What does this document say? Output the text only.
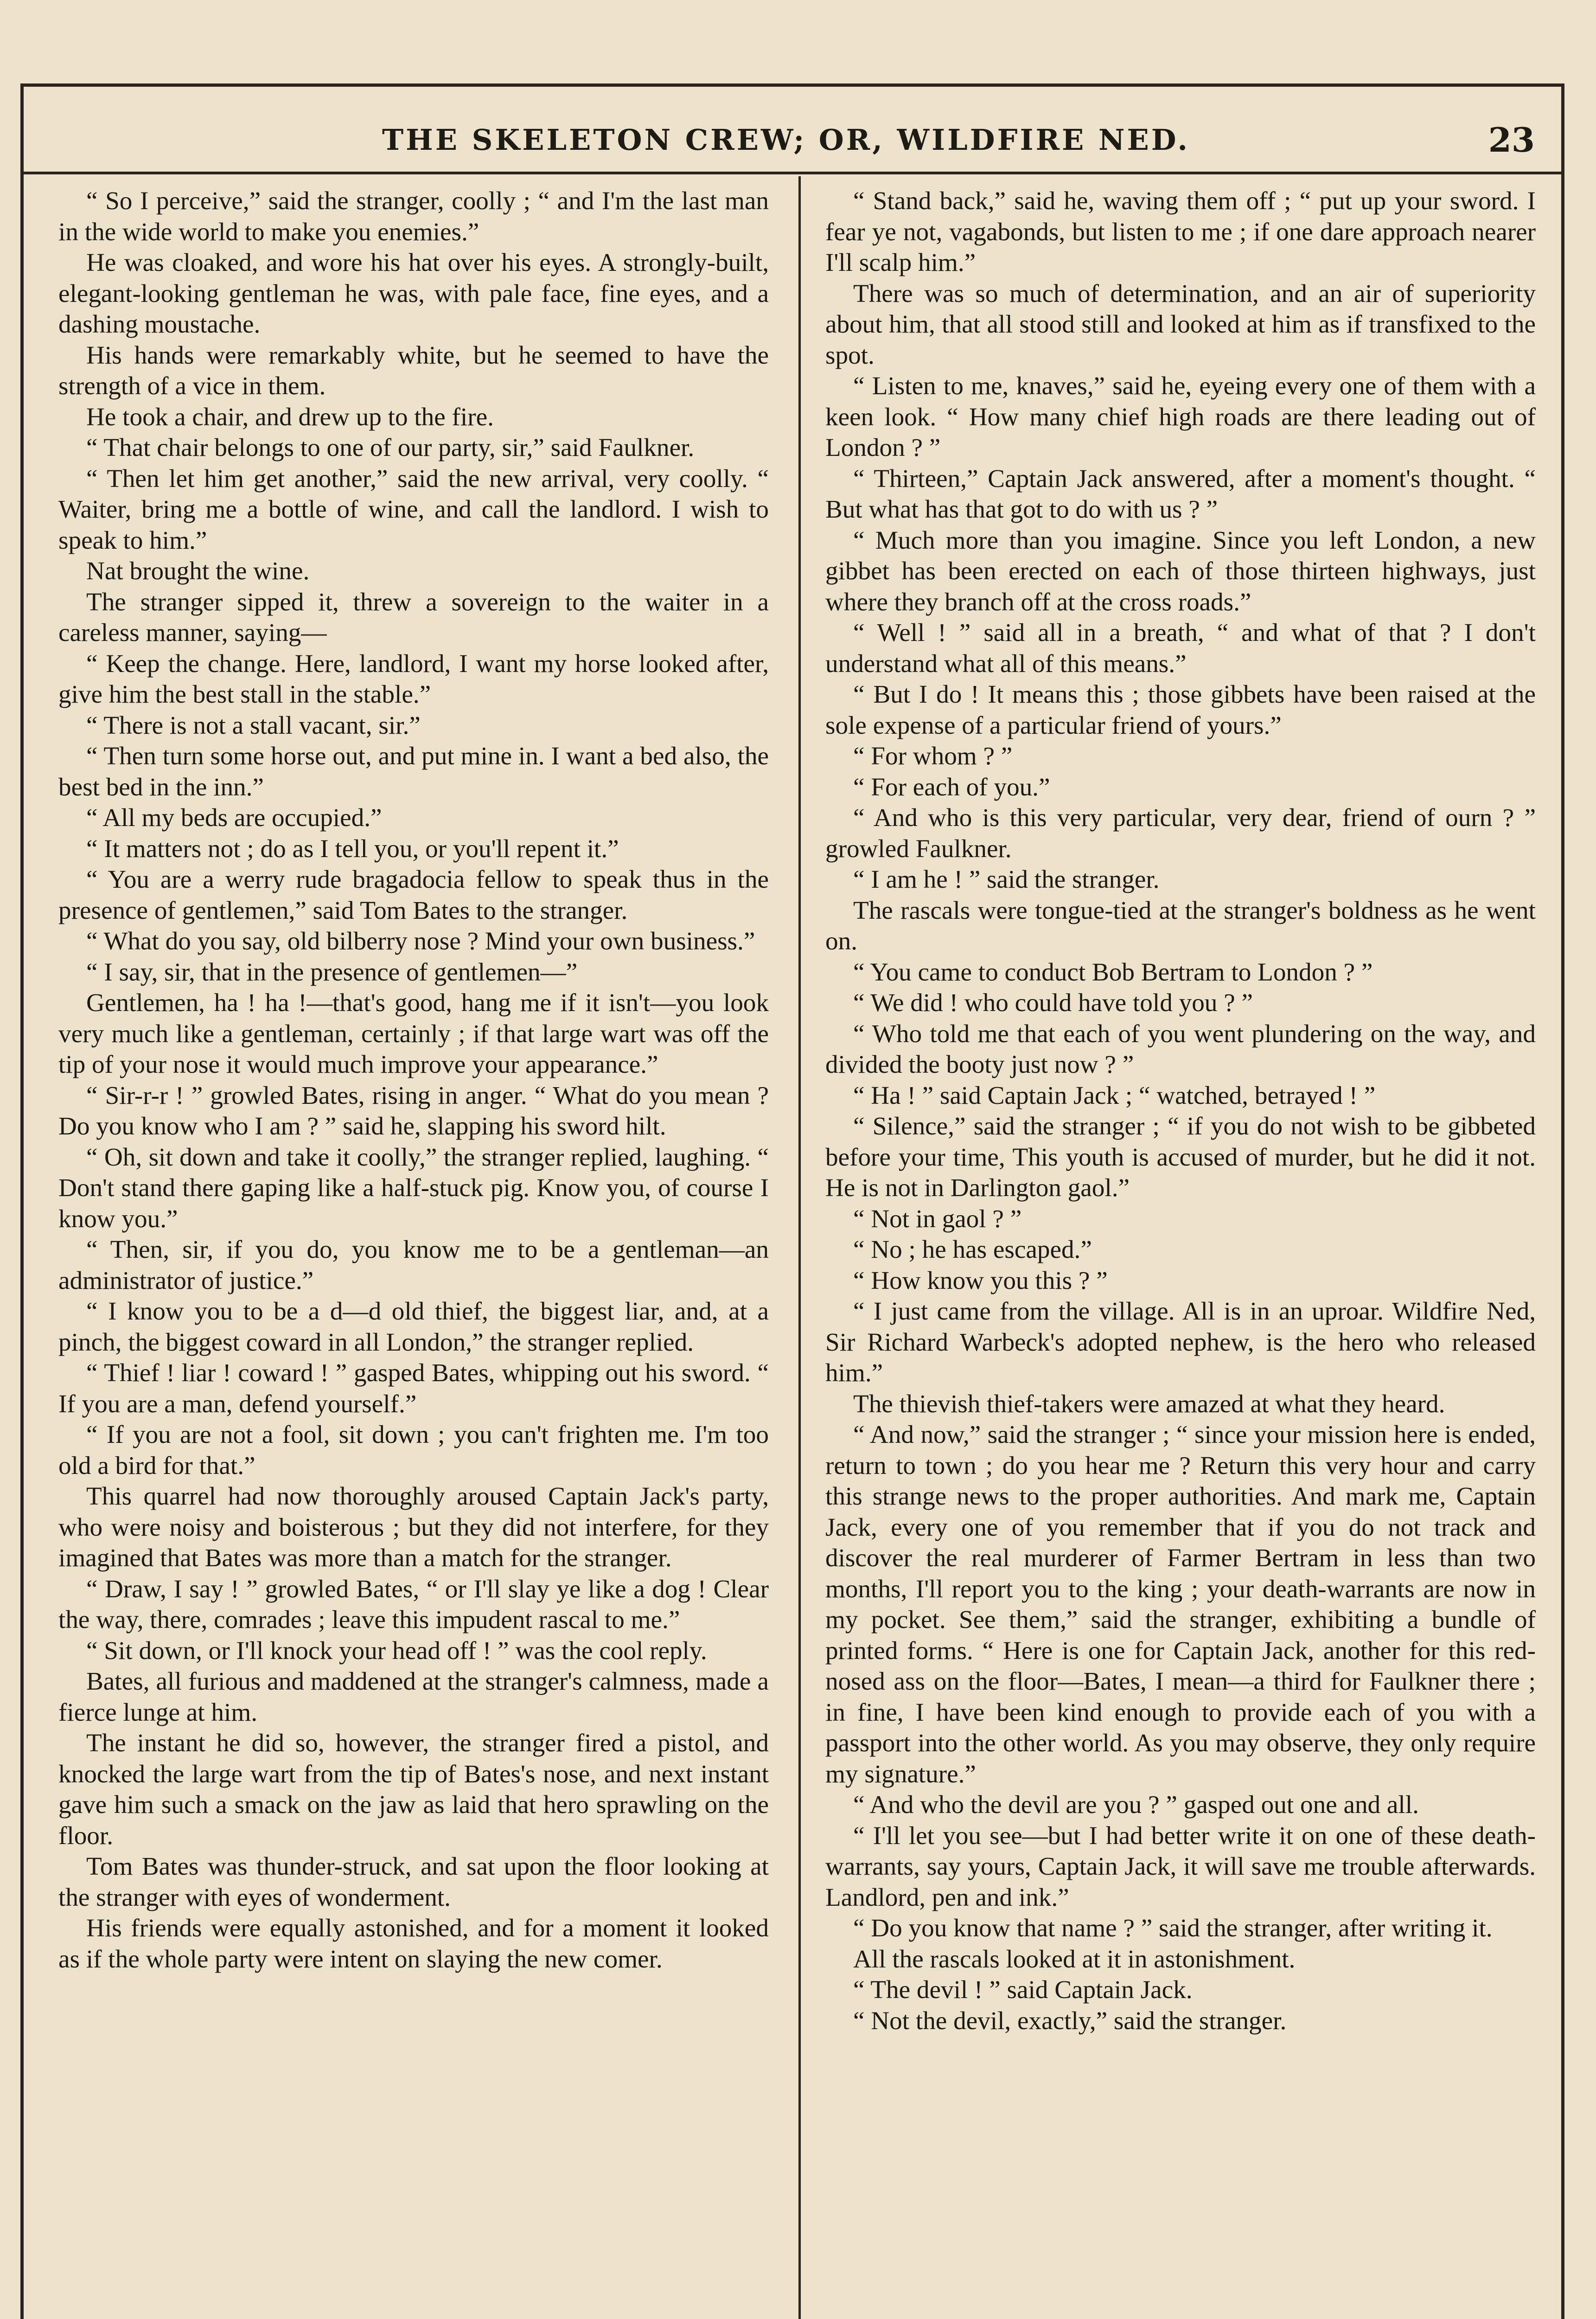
THE SKELETON CREW; OR, WILDFIRE NED.	23

“ So I perceive,” said the stranger, coolly ; “ and I'm the last man in the wide world to make you enemies.”

He was cloaked, and wore his hat over his eyes. A strongly-built, elegant-looking gentleman he was, with pale face, fine eyes, and a dashing moustache.

His hands were remarkably white, but he seemed to have the strength of a vice in them.

He took a chair, and drew up to the fire.

“ That chair belongs to one of our party, sir,” said Faulkner.

“ Then let him get another,” said the new arrival, very coolly. “ Waiter, bring me a bottle of wine, and call the landlord. I wish to speak to him.”

Nat brought the wine.

The stranger sipped it, threw a sovereign to the waiter in a careless manner, saying—

“ Keep the change. Here, landlord, I want my horse looked after, give him the best stall in the stable.”

“ There is not a stall vacant, sir.”

“ Then turn some horse out, and put mine in. I want a bed also, the best bed in the inn.”

“ All my beds are occupied.”

“ It matters not ; do as I tell you, or you'll repent it.”

“ You are a werry rude bragadocia fellow to speak thus in the presence of gentlemen,” said Tom Bates to the stranger.

“ What do you say, old bilberry nose ? Mind your own business.”

“ I say, sir, that in the presence of gentlemen—”

Gentlemen, ha ! ha !—that's good, hang me if it isn't—you look very much like a gentleman, certainly ; if that large wart was off the tip of your nose it would much improve your appearance.”

“ Sir-r-r ! ” growled Bates, rising in anger. “ What do you mean ? Do you know who I am ? ” said he, slapping his sword hilt.

“ Oh, sit down and take it coolly,” the stranger replied, laughing. “ Don't stand there gaping like a half-stuck pig. Know you, of course I know you.”

“ Then, sir, if you do, you know me to be a gentleman—an administrator of justice.”

“ I know you to be a d—d old thief, the biggest liar, and, at a pinch, the biggest coward in all London,” the stranger replied.

“ Thief ! liar ! coward ! ” gasped Bates, whipping out his sword. “ If you are a man, defend yourself.”

“ If you are not a fool, sit down ; you can't frighten me. I'm too old a bird for that.”

This quarrel had now thoroughly aroused Captain Jack's party, who were noisy and boisterous ; but they did not interfere, for they imagined that Bates was more than a match for the stranger.

“ Draw, I say ! ” growled Bates, “ or I'll slay ye like a dog ! Clear the way, there, comrades ; leave this impudent rascal to me.”

“ Sit down, or I'll knock your head off ! ” was the cool reply.

Bates, all furious and maddened at the stranger's calmness, made a fierce lunge at him.

The instant he did so, however, the stranger fired a pistol, and knocked the large wart from the tip of Bates's nose, and next instant gave him such a smack on the jaw as laid that hero sprawling on the floor.

Tom Bates was thunder-struck, and sat upon the floor looking at the stranger with eyes of wonderment.

His friends were equally astonished, and for a moment it looked as if the whole party were intent on slaying the new comer.

“ Stand back,” said he, waving them off ; “ put up your sword. I fear ye not, vagabonds, but listen to me ; if one dare approach nearer I'll scalp him.”

There was so much of determination, and an air of superiority about him, that all stood still and looked at him as if transfixed to the spot.

“ Listen to me, knaves,” said he, eyeing every one of them with a keen look. “ How many chief high roads are there leading out of London ? ”

“ Thirteen,” Captain Jack answered, after a moment's thought. “ But what has that got to do with us ? ”

“ Much more than you imagine. Since you left London, a new gibbet has been erected on each of those thirteen highways, just where they branch off at the cross roads.”

“ Well ! ” said all in a breath, “ and what of that ? I don't understand what all of this means.”

“ But I do ! It means this ; those gibbets have been raised at the sole expense of a particular friend of yours.”

“ For whom ? ”

“ For each of you.”

“ And who is this very particular, very dear, friend of ourn ? ” growled Faulkner.

“ I am he ! ” said the stranger.

The rascals were tongue-tied at the stranger's boldness as he went on.

“ You came to conduct Bob Bertram to London ? ”

“ We did ! who could have told you ? ”

“ Who told me that each of you went plundering on the way, and divided the booty just now ? ”

“ Ha ! ” said Captain Jack ; “ watched, betrayed ! ”

“ Silence,” said the stranger ; “ if you do not wish to be gibbeted before your time, This youth is accused of murder, but he did it not. He is not in Darlington gaol.”

“ Not in gaol ? ”

“ No ; he has escaped.”

“ How know you this ? ”

“ I just came from the village. All is in an uproar. Wildfire Ned, Sir Richard Warbeck's adopted nephew, is the hero who released him.”

The thievish thief-takers were amazed at what they heard.

“ And now,” said the stranger ; “ since your mission here is ended, return to town ; do you hear me ? Return this very hour and carry this strange news to the proper authorities. And mark me, Captain Jack, every one of you remember that if you do not track and discover the real murderer of Farmer Bertram in less than two months, I'll report you to the king ; your death-warrants are now in my pocket. See them,” said the stranger, exhibiting a bundle of printed forms. “ Here is one for Captain Jack, another for this red-nosed ass on the floor—Bates, I mean—a third for Faulkner there ; in fine, I have been kind enough to provide each of you with a passport into the other world. As you may observe, they only require my signature.”

“ And who the devil are you ? ” gasped out one and all.

“ I'll let you see—but I had better write it on one of these death-warrants, say yours, Captain Jack, it will save me trouble afterwards. Landlord, pen and ink.”

“ Do you know that name ? ” said the stranger, after writing it.

All the rascals looked at it in astonishment.

“ The devil ! ” said Captain Jack.

“ Not the devil, exactly,” said the stranger.
